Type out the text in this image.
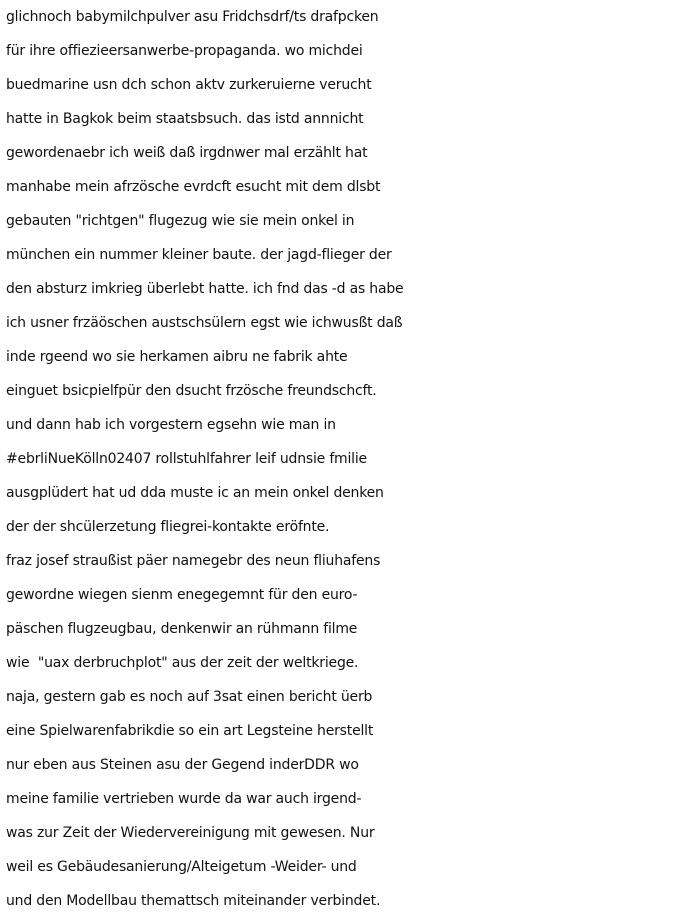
glichnoch babymilchpulver asu Fridchsdrf/ts drafpcken
für ihre offiezieersanwerbe-propaganda. wo michdei
buedmarine usn dch schon aktv zurkeruierne verucht
hatte in Bagkok beim staatsbsuch. das istd annnicht
gewordenaebr ich weiß daß irgdnwer mal erzählt hat
manhabe mein afrzösche evrdcft esucht mit dem dlsbt
gebauten "richtgen" flugezug wie sie mein onkel in
münchen ein nummer kleiner baute. der jagd-flieger der
den absturz imkrieg überlebt hatte. ich fnd das -d as habe
ich usner frzäöschen austschsülern egst wie ichwusßt daß
inde rgeend wo sie herkamen aibru ne fabrik ahte
einguet bsicpielfpür den dsucht frzösche freundschcft.
und dann hab ich vorgestern egsehn wie man in
#ebrliNueKölln02407 rollstuhlfahrer leif udnsie fmilie
ausgplüdert hat ud dda muste ic an mein onkel denken
der der shcülerzetung fliegrei-kontakte eröfnte.
fraz josef straußist päer namegebr des neun fliuhafens
gewordne wiegen sienm enegegemnt für den euro-
päschen flugzeugbau, denkenwir an rühmann filme
wie  "uax derbruchplot" aus der zeit der weltkriege.
naja, gestern gab es noch auf 3sat einen bericht üerb
eine Spielwarenfabrikdie so ein art Legsteine herstellt
nur eben aus Steinen asu der Gegend inderDDR wo
meine familie vertrieben wurde da war auch irgend-
was zur Zeit der Wiedervereinigung mit gewesen. Nur
weil es Gebäudesanierung/Alteigetum -Weider- und
und den Modellbau themattsch miteinander verbindet.
